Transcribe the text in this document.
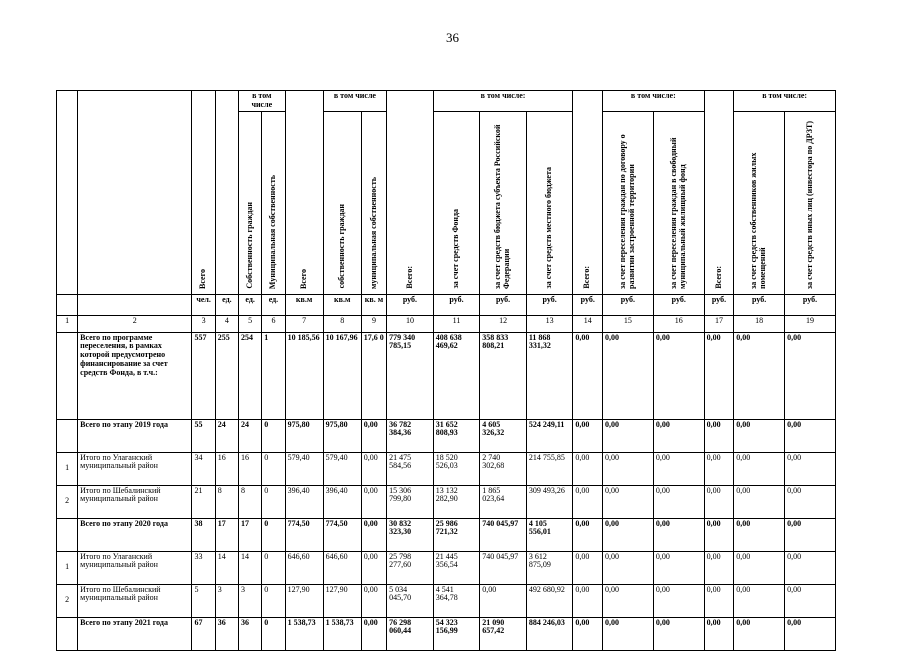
36
		Всего		в том числе		Всего	в том числе		Всего:	в том числе:			Всего:	в том числе:		Всего:	в том числе:	
				Собственность граждан	Муниципальная собственность		собственность граждан	муниципальная собственность		за счет средств Фонда	за счет средств бюджета субъекта Российской Федерации	за счет средств местного бюджета		за счет переселения граждан по договору о развитии застроенной территории	за счет переселения граждан в свободный муниципальный жилищный фонд		за счет средств собственников жилых помещений	за счет средств иных лиц (инвестора по ДРЗТ)
		чел.	ед.	ед.	ед.	кв.м	кв.м	кв. м	руб.	руб.	руб.	руб.	руб.	руб.	руб.	руб.	руб.	руб.
1	2	3	4	5	6	7	8	9	10	11	12	13	14	15	16	17	18	19
	Всего по программе переселения, в рамках которой предусмотрено финансирование за счет средств Фонда, в т.ч.:	557	255	254	1	10 185,56	10 167,96	17,6 0	779 340 785,15	408 638 469,62	358 833 808,21	11 868 331,32	0,00	0,00	0,00	0,00	0,00	0,00
	Всего по этапу 2019 года	55	24	24	0	975,80	975,80	0,00	36 782 384,36	31 652 808,93	4 605 326,32	524 249,11	0,00	0,00	0,00	0,00	0,00	0,00
1	Итого по Улаганский муниципальный район	34	16	16	0	579,40	579,40	0,00	21 475 584,56	18 520 526,03	2 740 302,68	214 755,85	0,00	0,00	0,00	0,00	0,00	0,00
2	Итого по Шебалинский муниципальный район	21	8	8	0	396,40	396,40	0,00	15 306 799,80	13 132 282,90	1 865 023,64	309 493,26	0,00	0,00	0,00	0,00	0,00	0,00
	Всего по этапу 2020 года	38	17	17	0	774,50	774,50	0,00	30 832 323,30	25 986 721,32	740 045,97	4 105 556,01	0,00	0,00	0,00	0,00	0,00	0,00
1	Итого по Улаганский муниципальный район	33	14	14	0	646,60	646,60	0,00	25 798 277,60	21 445 356,54	740 045,97	3 612 875,09	0,00	0,00	0,00	0,00	0,00	0,00
2	Итого по Шебалинский муниципальный район	5	3	3	0	127,90	127,90	0,00	5 034 045,70	4 541 364,78	0,00	492 680,92	0,00	0,00	0,00	0,00	0,00	0,00
	Всего по этапу 2021 года	67	36	36	0	1 538,73	1 538,73	0,00	76 298 060,44	54 323 156,99	21 090 657,42	884 246,03	0,00	0,00	0,00	0,00	0,00	0,00
